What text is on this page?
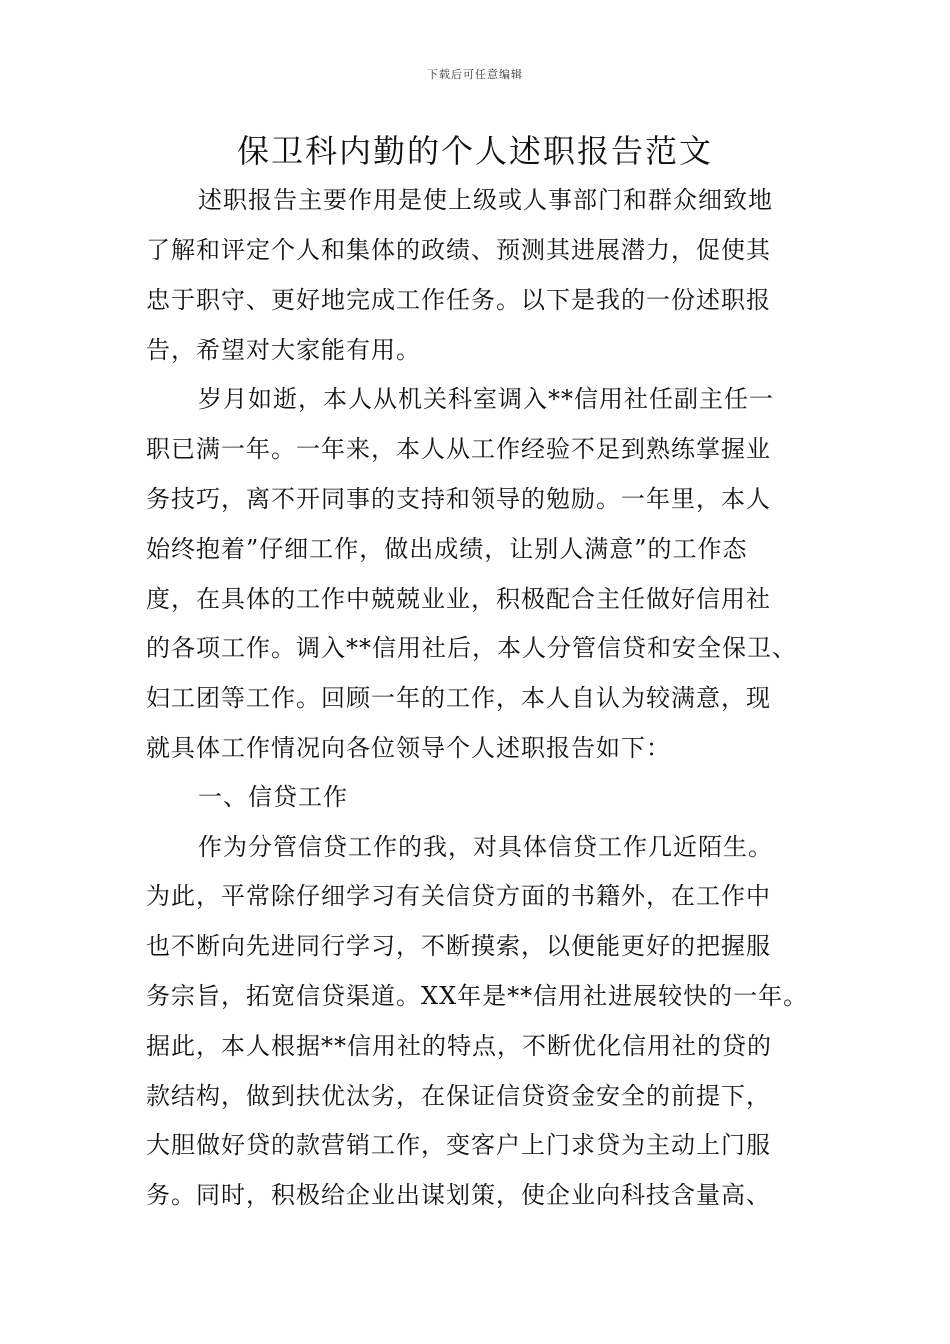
下载后可任意编辑
保卫科内勤的个人述职报告范文
述职报告主要作用是使上级或人事部门和群众细致地
了解和评定个人和集体的政绩、预测其进展潜力，促使其
忠于职守、更好地完成工作任务。以下是我的一份述职报
告，希望对大家能有用。
岁月如逝，本人从机关科室调入**信用社任副主任一
职已满一年。一年来，本人从工作经验不足到熟练掌握业
务技巧，离不开同事的支持和领导的勉励。一年里，本人
始终抱着”仔细工作，做出成绩，让别人满意”的工作态
度，在具体的工作中兢兢业业，积极配合主任做好信用社
的各项工作。调入**信用社后，本人分管信贷和安全保卫、
妇工团等工作。回顾一年的工作，本人自认为较满意，现
就具体工作情况向各位领导个人述职报告如下：
一、信贷工作
作为分管信贷工作的我，对具体信贷工作几近陌生。
为此，平常除仔细学习有关信贷方面的书籍外，在工作中
也不断向先进同行学习，不断摸索，以便能更好的把握服
务宗旨，拓宽信贷渠道。XX年是**信用社进展较快的一年。
据此，本人根据**信用社的特点，不断优化信用社的贷的
款结构，做到扶优汰劣，在保证信贷资金安全的前提下，
大胆做好贷的款营销工作，变客户上门求贷为主动上门服
务。同时，积极给企业出谋划策，使企业向科技含量高、
